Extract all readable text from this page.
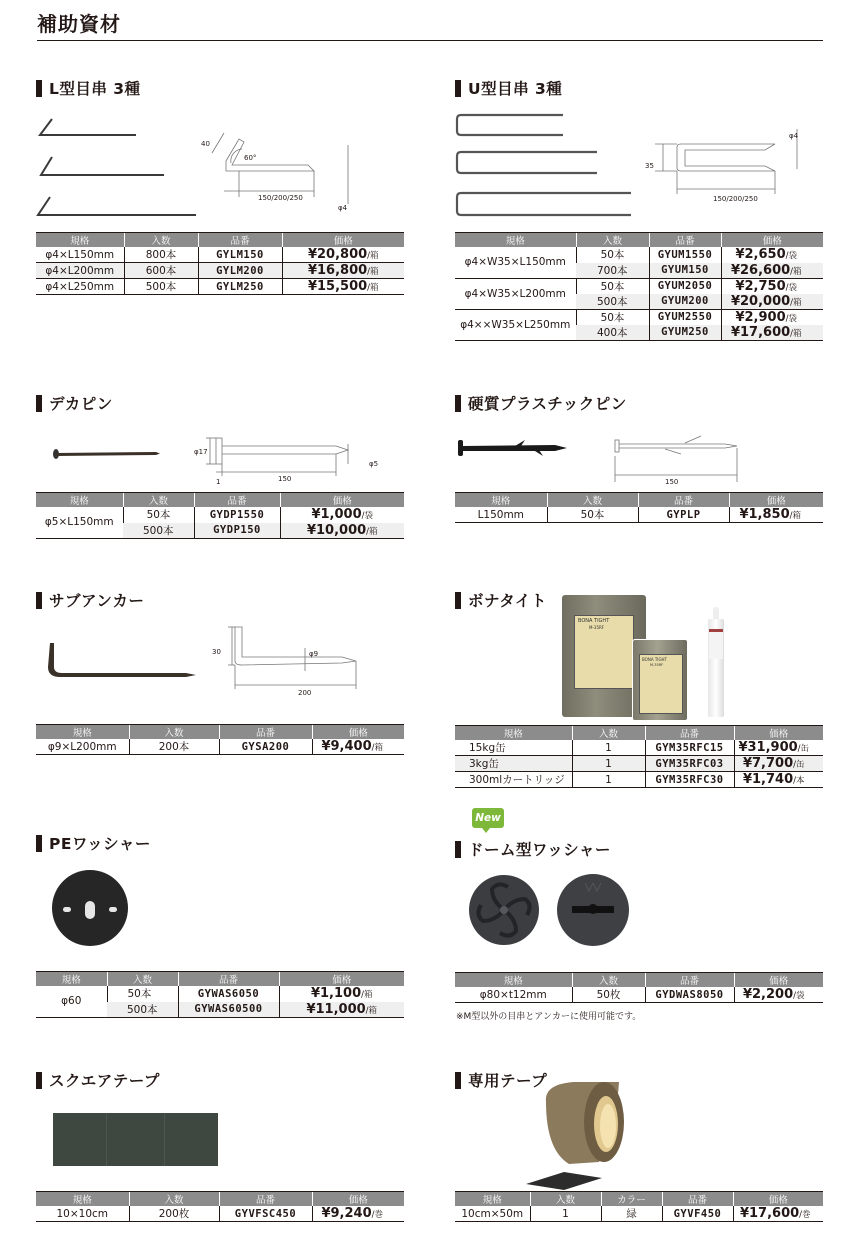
補助資材
L型目串 3種
40
60°
150/200/250
φ4
規格	入数	品番	価格
φ4×L150mm	800本	GYLM150	¥20,800/箱
φ4×L200mm	600本	GYLM200	¥16,800/箱
φ4×L250mm	500本	GYLM250	¥15,500/箱
U型目串 3種
φ4
35
150/200/250
規格	入数	品番	価格
φ4×W35×L150mm	50本	GYUM1550	¥2,650/袋
	700本	GYUM150	¥26,600/箱
φ4×W35×L200mm	50本	GYUM2050	¥2,750/袋
	500本	GYUM200	¥20,000/箱
φ4××W35×L250mm	50本	GYUM2550	¥2,900/袋
	400本	GYUM250	¥17,600/箱
デカピン
φ17
1	150
φ5
規格	入数	品番	価格
φ5×L150mm	50本	GYDP1550	¥1,000/袋
	500本	GYDP150	¥10,000/箱
硬質プラスチックピン
150
規格	入数	品番	価格
L150mm	50本	GYPLP	¥1,850/箱
サブアンカー
30	φ9
200
規格	入数	品番	価格
φ9×L200mm	200本	GYSA200	¥9,400/箱
ボナタイト
BONA TIGHT
M-35RF
BONA TIGHT
M-35RF
規格	入数	品番	価格
15kg缶	1	GYM35RFC15	¥31,900/缶
3kg缶	1	GYM35RFC03	¥7,700/缶
300mlカートリッジ	1	GYM35RFC30	¥1,740/本
PEワッシャー
規格	入数	品番	価格
φ60	50本	GYWAS6050	¥1,100/箱
	500本	GYWAS60500	¥11,000/箱
New
ドーム型ワッシャー
規格	入数	品番	価格
φ80×t12mm	50枚	GYDWAS8050	¥2,200/袋
※M型以外の目串とアンカーに使用可能です。
スクエアテープ
規格	入数	品番	価格
10×10cm	200枚	GYVFSC450	¥9,240/巻
専用テープ
規格	入数	カラー	品番	価格
10cm×50m	1	緑	GYVF450	¥17,600/巻
